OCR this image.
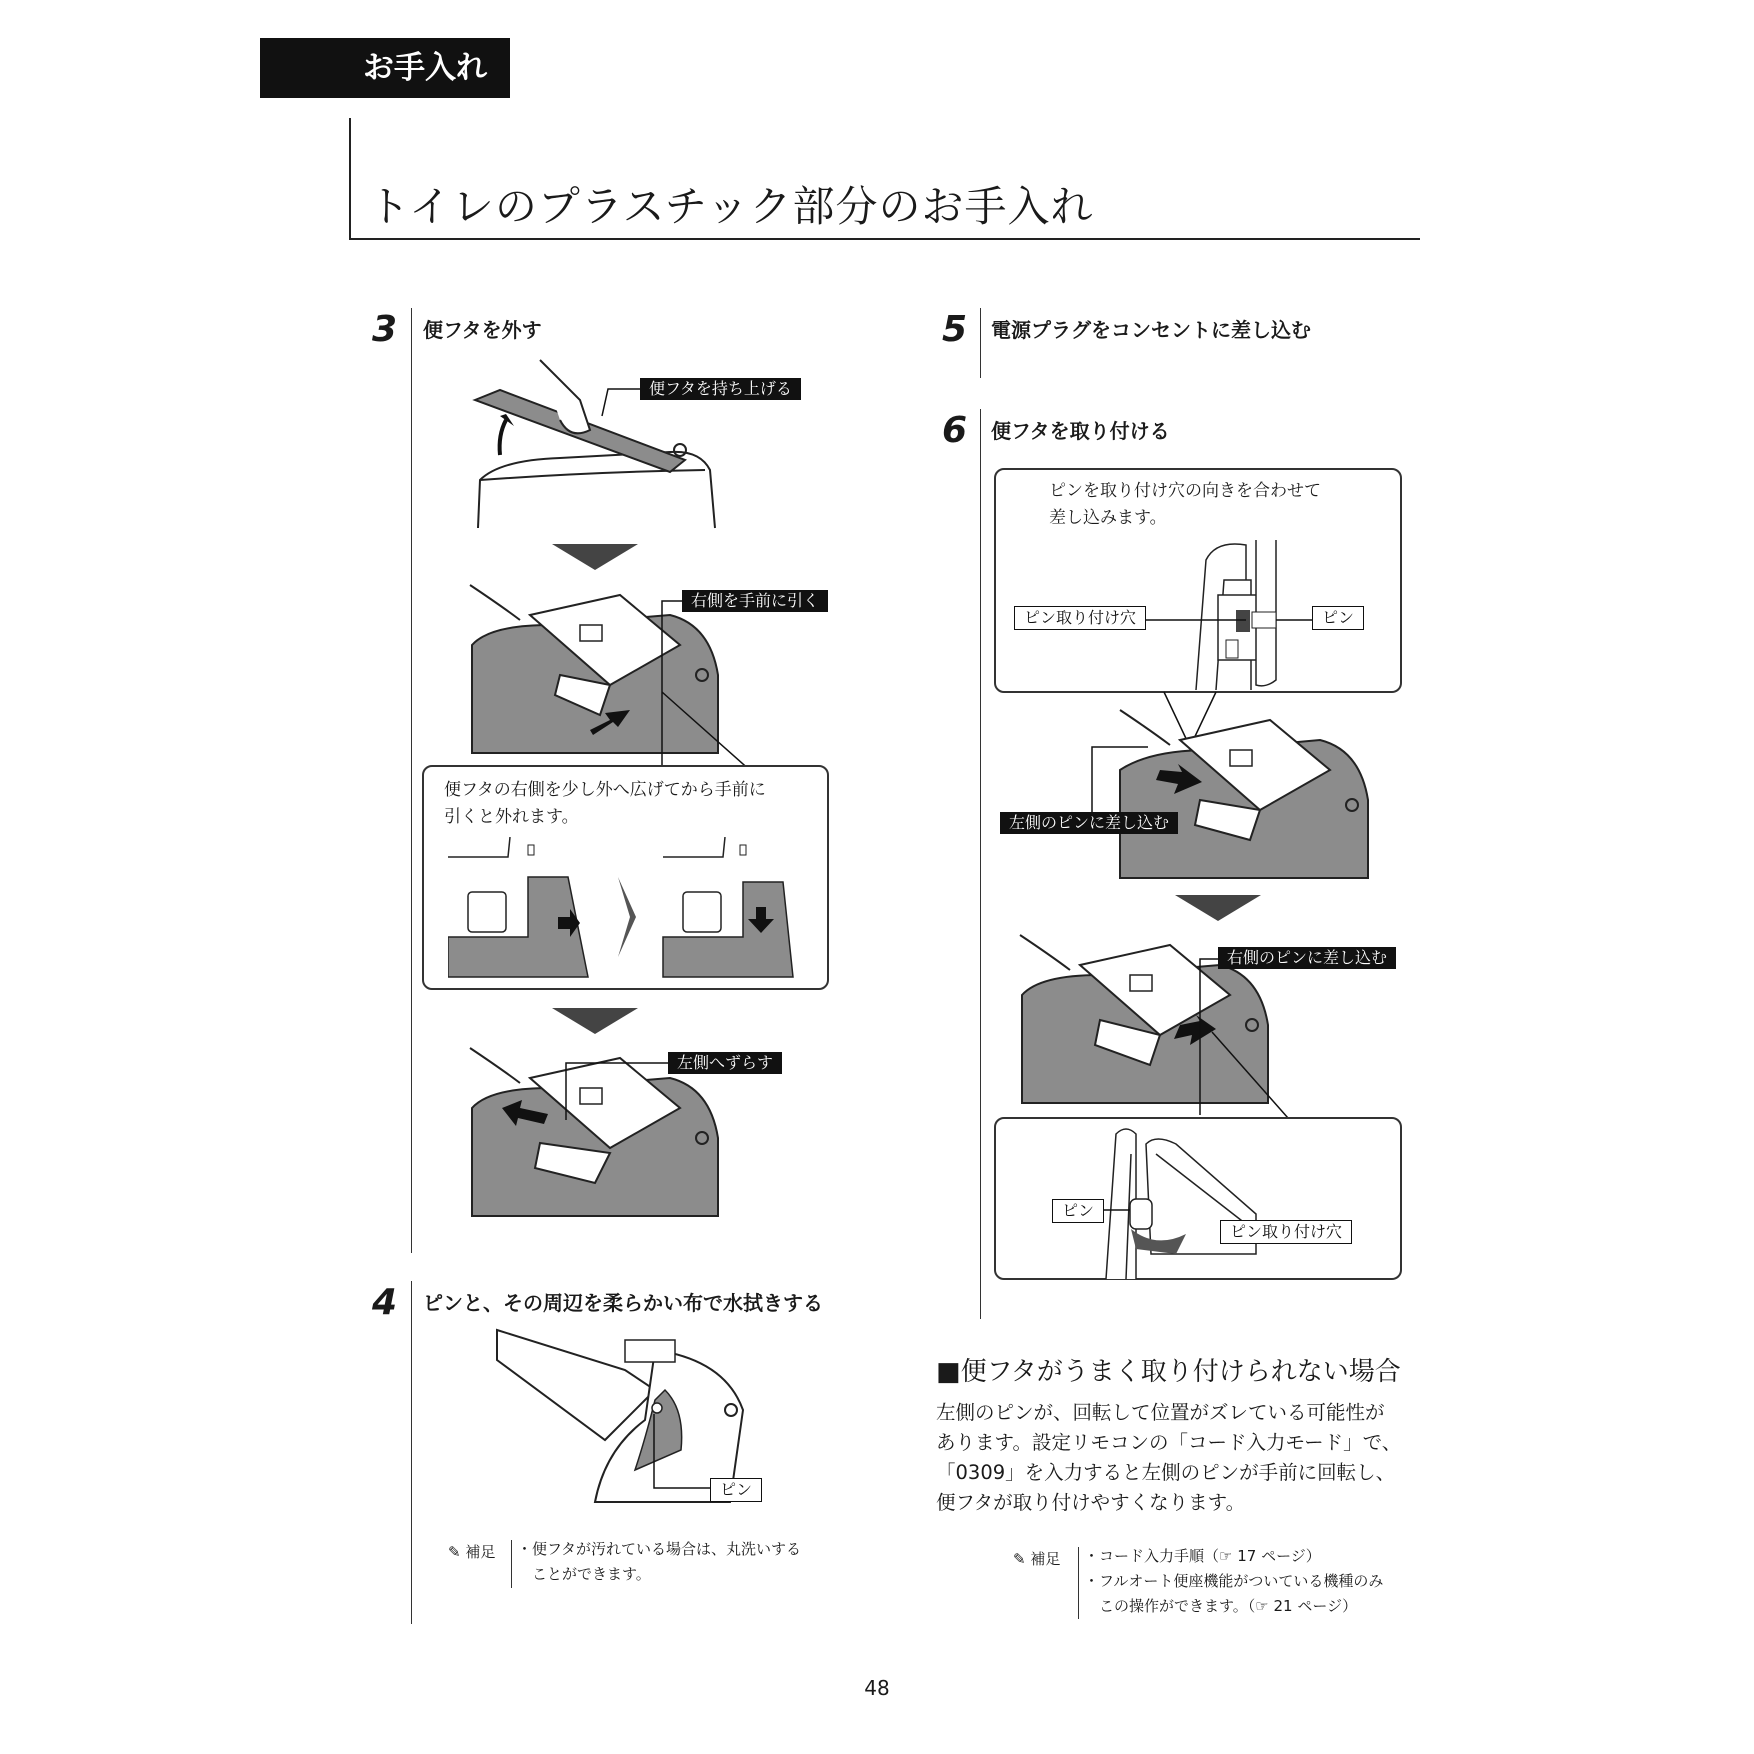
お手入れ
トイレのプラスチック部分のお手入れ
3 便フタを外す
便フタを持ち上げる
右側を手前に引く
便フタの右側を少し外へ広げてから手前に
引くと外れます。
左側へずらす
4 ピンと、その周辺を柔らかい布で水拭きする
ピン
✎ 補足 ・便フタが汚れている場合は、丸洗いする

　ことができます。

5 電源プラグをコンセントに差し込む
6 便フタを取り付ける
ピンを取り付け穴の向きを合わせて
差し込みます。
ピン取り付け穴	ピン
左側のピンに差し込む
右側のピンに差し込む
ピン
ピン取り付け穴
■便フタがうまく取り付けられない場合

左側のピンが、回転して位置がズレている可能性が

あります。設定リモコンの「コード入力モード」で、

「0309」を入力すると左側のピンが手前に回転し、

便フタが取り付けやすくなります。

✎ 補足 ・コード入力手順（☞ 17 ページ）

・フルオート便座機能がついている機種のみ

　この操作ができます。（☞ 21 ページ）

48
